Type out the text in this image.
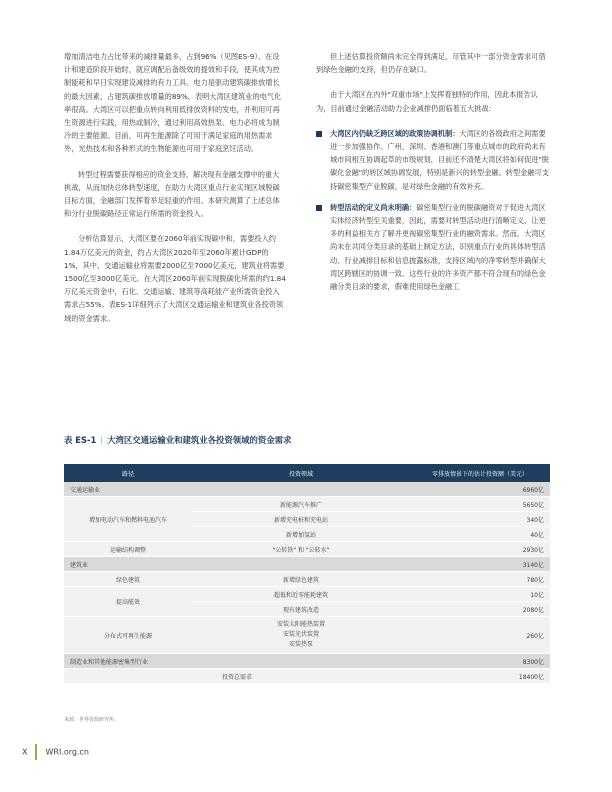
增加清洁电力占比带来的减排量最多，占到96%（见图ES-9）。在设计和建造阶段开始时，就应调配后备级效的提效和手段，使其成为控制能耗和早日实现建设减排的有力工具。电力是驱动建筑碳排放增长的最大因素，占建筑碳排放增量的89%，表明大湾区建筑业的电气化率很高。大湾区可以把重点转向利用低排放资料的发电，并利用可再生资源进行实践，用热或制冷，通过利用高效热泵、电力必将成为制冷的主要能源。目前，可再生能源除了可用于满足家庭的用热需求外，光热技术和各种形式的生物能源也可用于家庭烹饪活动。

转型过程需要获得相应的资金支持，解决现有金融支撑中的重大挑战，从而加快总体转型速度，在助力大湾区重点行业实现区域脱碳目标方面，金融部门发挥着举足轻重的作用。本研究测算了上述总体和分行业脱碳路径正常运行所需的资金投入。

分析估算显示，大湾区要在2060年前实现碳中和，需要投入约1.84万亿美元的资金，约占大湾区2020年至2060年累计GDP的1%，其中，交通运输业将需要2000亿至7000亿美元，建筑业将需要1500亿至3000亿美元。在大湾区2060年前实现脱碳化所需的约1.84万亿美元资金中，石化、交通运输、建筑等高耗能产业所需资金投入需求占55%。表ES-1详细列示了大湾区交通运输业和建筑业各投资领域的资金需求。

但上述估算投资额尚未完全得到满足，尽管其中一部分资金需求可借到绿色金融的支持，但仍存在缺口。

由于大湾区在内外"双重市场"上发挥着独特的作用，因此本报告认为，目前通过金融活动助力企业减排仍面临着五大挑战：

大湾区内仍缺乏跨区域的政策协调机制：大湾区的各级政府之间需要进一步加强协作。广州、深圳、香港和澳门等重点城市的政府尚未有城市间相互协调起草的市级规划，目前还不清楚大湾区将如何促进"脱碳化金融"的转区域协调发展，特别是新兴的转型金融。转型金融可支持碳密集型产业脱碳，是对绿色金融的有效补充。
转型活动的定义尚未明确：碳密集型行业的脱碳融资对于促进大湾区实体经济转型至关重要，因此，需要对转型活动进行清晰定义，让更多的利益相关方了解并更视碳密集型行业的融资需求。然而，大湾区尚未在共同分类目录的基础上制定方法，识别重点行业的具体转型活动、行业减排目标和信息披露标准，支持区域内的净零转型并确保大湾区跨辖区的协调一致。这些行业的许多资产都不符合现有的绿色金融分类目录的要求，假难使用绿色金融工
表 ES-1 | 大湾区交通运输业和建筑业各投资领域的资金需求
路径	投资领域	零排放情景下的估计投资额（美元）
交通运输业		6960亿
增加电动汽车和燃料电池汽车	新能源汽车推广	5650亿
	新增充电桩和充电站	340亿
	新增加氢站	40亿
运输结构调整	"公转铁" 和 "公转水"	2930亿
建筑业		3140亿
绿色建筑	新增绿色建筑	780亿
提高能效	超低和近零能耗建筑	10亿
	现有建筑改造	2080亿
分布式可再生能源	安装太阳能热装置
安装光伏装置
安装热泵	260亿
制造业和其他能源密集型行业		8300亿
投资总需求		18400亿
来源：世界资源研究所。
X WRI.org.cn
